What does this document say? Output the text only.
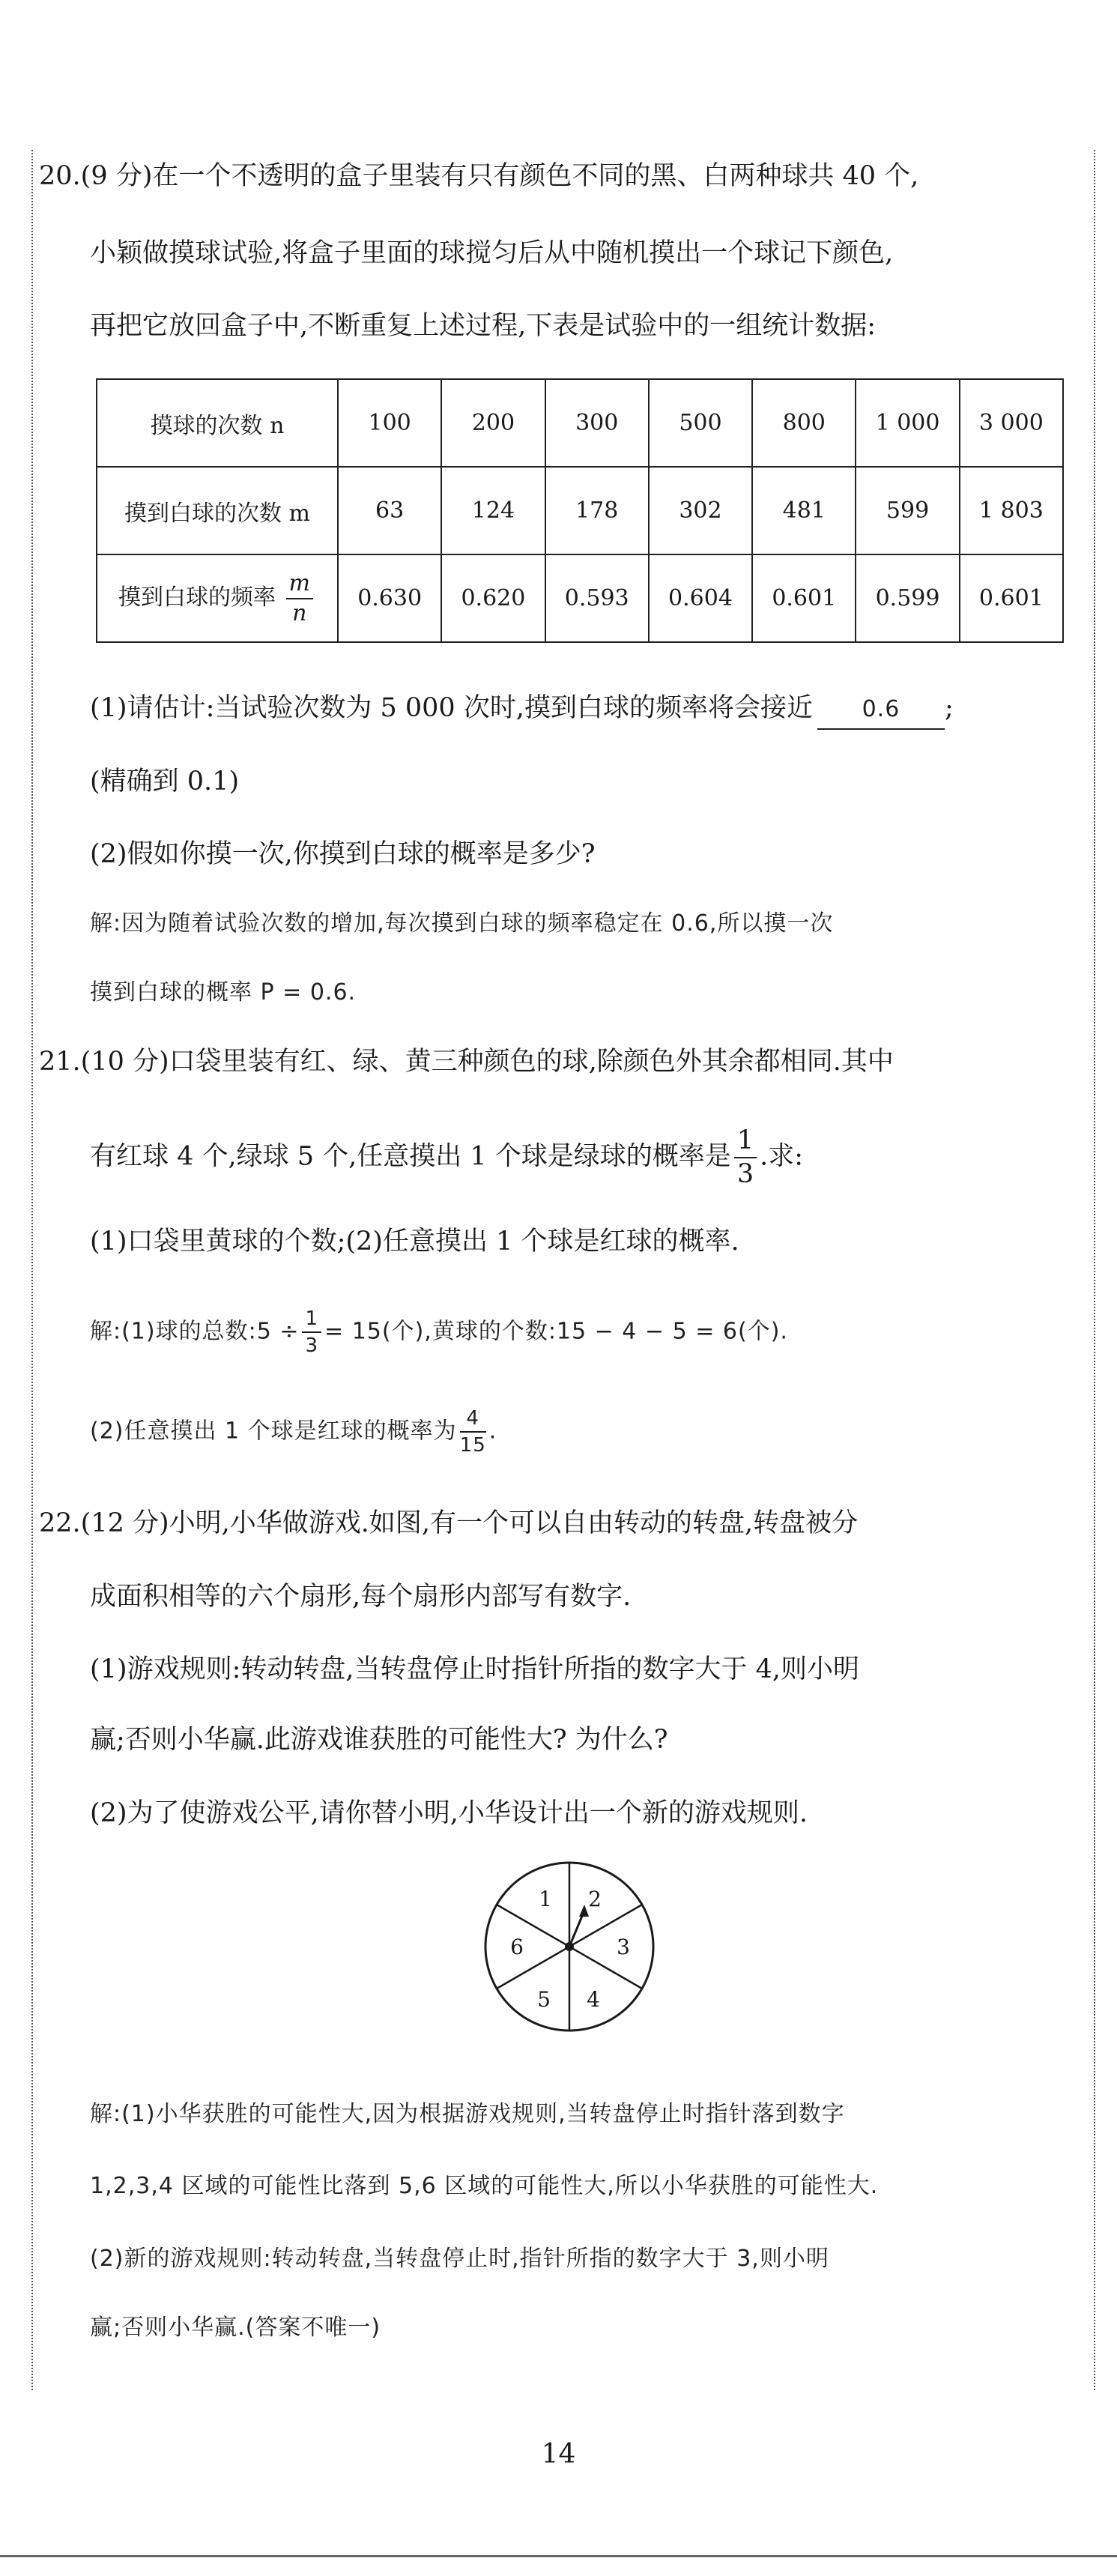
20.(9 分)在一个不透明的盒子里装有只有颜色不同的黑、白两种球共 40 个,
小颖做摸球试验,将盒子里面的球搅匀后从中随机摸出一个球记下颜色,
再把它放回盒子中,不断重复上述过程,下表是试验中的一组统计数据:
摸球的次数 n	100	200	300	500	800	1 000	3 000
摸到白球的次数 m	63	124	178	302	481	599	1 803
摸到白球的频率 $\frac{m}{n}$	0.630	0.620	0.593	0.604	0.601	0.599	0.601
(1)请估计:当试验次数为 5 000 次时,摸到白球的频率将会接近 0.6 ;
(精确到 0.1)
(2)假如你摸一次,你摸到白球的概率是多少?
解:因为随着试验次数的增加,每次摸到白球的频率稳定在 0.6,所以摸一次
摸到白球的概率 P = 0.6.
21.(10 分)口袋里装有红、绿、黄三种颜色的球,除颜色外其余都相同.其中
有红球 4 个,绿球 5 个,任意摸出 1 个球是绿球的概率是 $\frac{1}{3}$ .求:
(1)口袋里黄球的个数;(2)任意摸出 1 个球是红球的概率.
解:(1)球的总数:5 ÷ $\frac{1}{3} = 15$(个),黄球的个数:15 − 4 − 5 = 6(个).
(2)任意摸出 1 个球是红球的概率为 $\frac{4}{15}$ .
22.(12 分)小明,小华做游戏.如图,有一个可以自由转动的转盘,转盘被分
成面积相等的六个扇形,每个扇形内部写有数字.
(1)游戏规则:转动转盘,当转盘停止时指针所指的数字大于 4,则小明
赢;否则小华赢.此游戏谁获胜的可能性大? 为什么?
(2)为了使游戏公平,请你替小明,小华设计出一个新的游戏规则.
1 2
3
4
5
6
解:(1)小华获胜的可能性大,因为根据游戏规则,当转盘停止时指针落到数字
1,2,3,4 区域的可能性比落到 5,6 区域的可能性大,所以小华获胜的可能性大.
(2)新的游戏规则:转动转盘,当转盘停止时,指针所指的数字大于 3,则小明
赢;否则小华赢.(答案不唯一)
14
